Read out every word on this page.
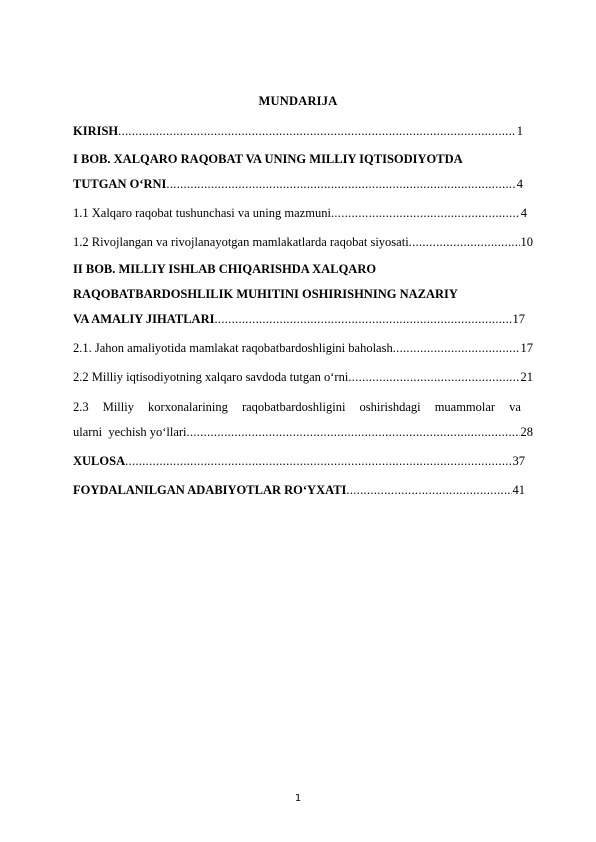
MUNDARIJA
KIRISH .....	1
I BOB. XALQARO RAQOBAT VA UNING MILLIY IQTISODIYOTDA
TUTGAN O‘RNI .....	4
1.1 Xalqaro raqobat tushunchasi va uning mazmuni .....	4
1.2 Rivojlangan va rivojlanayotgan mamlakatlarda raqobat siyosati .....	10
II BOB. MILLIY ISHLAB CHIQARISHDA XALQARO
RAQOBATBARDOSHLILIK MUHITINI OSHIRISHNING NAZARIY
VA AMALIY JIHATLARI .....	17
2.1. Jahon amaliyotida mamlakat raqobatbardoshligini baholash .....	17
2.2 Milliy iqtisodiyotning xalqaro savdoda tutgan o‘rni .....	21
2.3 Milliy korxonalarining raqobatbardoshligini oshirishdagi muammolar va
ularni  yechish yo‘llari .....	28
XULOSA .....	37
FOYDALANILGAN ADABIYOTLAR RO‘YXATI .....	41
1
